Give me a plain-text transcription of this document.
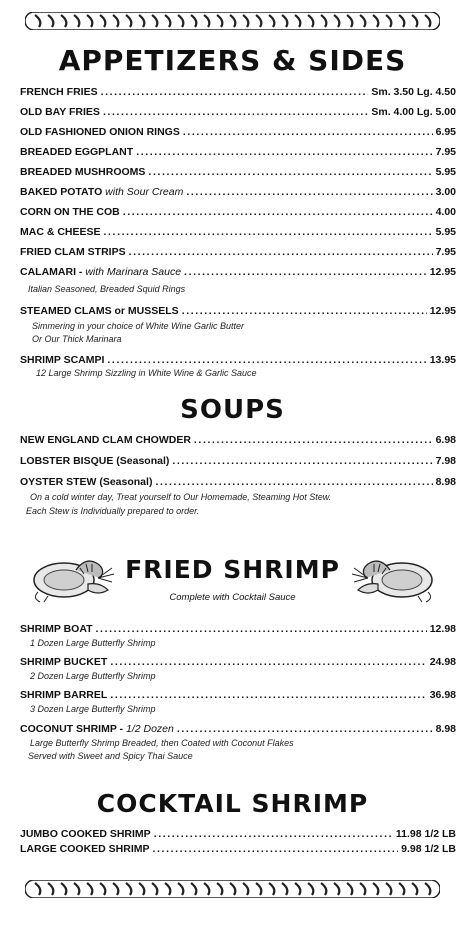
APPETIZERS & SIDES
FRENCH FRIES .....	Sm. 3.50 Lg. 4.50
OLD BAY FRIES .....	Sm. 4.00 Lg. 5.00
OLD FASHIONED ONION RINGS .....	6.95
BREADED EGGPLANT .....	7.95
BREADED MUSHROOMS .....	5.95
BAKED POTATO with Sour Cream .....	3.00
CORN ON THE COB .....	4.00
MAC & CHEESE .....	5.95
FRIED CLAM STRIPS .....	7.95
CALAMARI - with Marinara Sauce .....	12.95
Italian Seasoned, Breaded Squid Rings
STEAMED CLAMS or MUSSELS .....	12.95
Simmering in your choice of White Wine Garlic Butter
Or Our Thick Marinara
SHRIMP SCAMPI .....	13.95
12 Large Shrimp Sizzling in White Wine & Garlic Sauce
SOUPS
NEW ENGLAND CLAM CHOWDER .....	6.98
LOBSTER BISQUE (Seasonal) .....	7.98
OYSTER STEW (Seasonal) .....	8.98
On a cold winter day, Treat yourself to Our Homemade, Steaming Hot Stew.
Each Stew is Individually prepared to order.
FRIED SHRIMP
Complete with Cocktail Sauce
SHRIMP BOAT .....	12.98
1 Dozen Large Butterfly Shrimp
SHRIMP BUCKET .....	24.98
2 Dozen Large Butterfly Shrimp
SHRIMP BARREL .....	36.98
3 Dozen Large Butterfly Shrimp
COCONUT SHRIMP - 1/2 Dozen .....	8.98
Large Butterfly Shrimp Breaded, then Coated with Coconut Flakes
Served with Sweet and Spicy Thai Sauce
COCKTAIL SHRIMP
JUMBO COOKED SHRIMP .....	11.98 1/2 LB
LARGE COOKED SHRIMP .....	9.98 1/2 LB
